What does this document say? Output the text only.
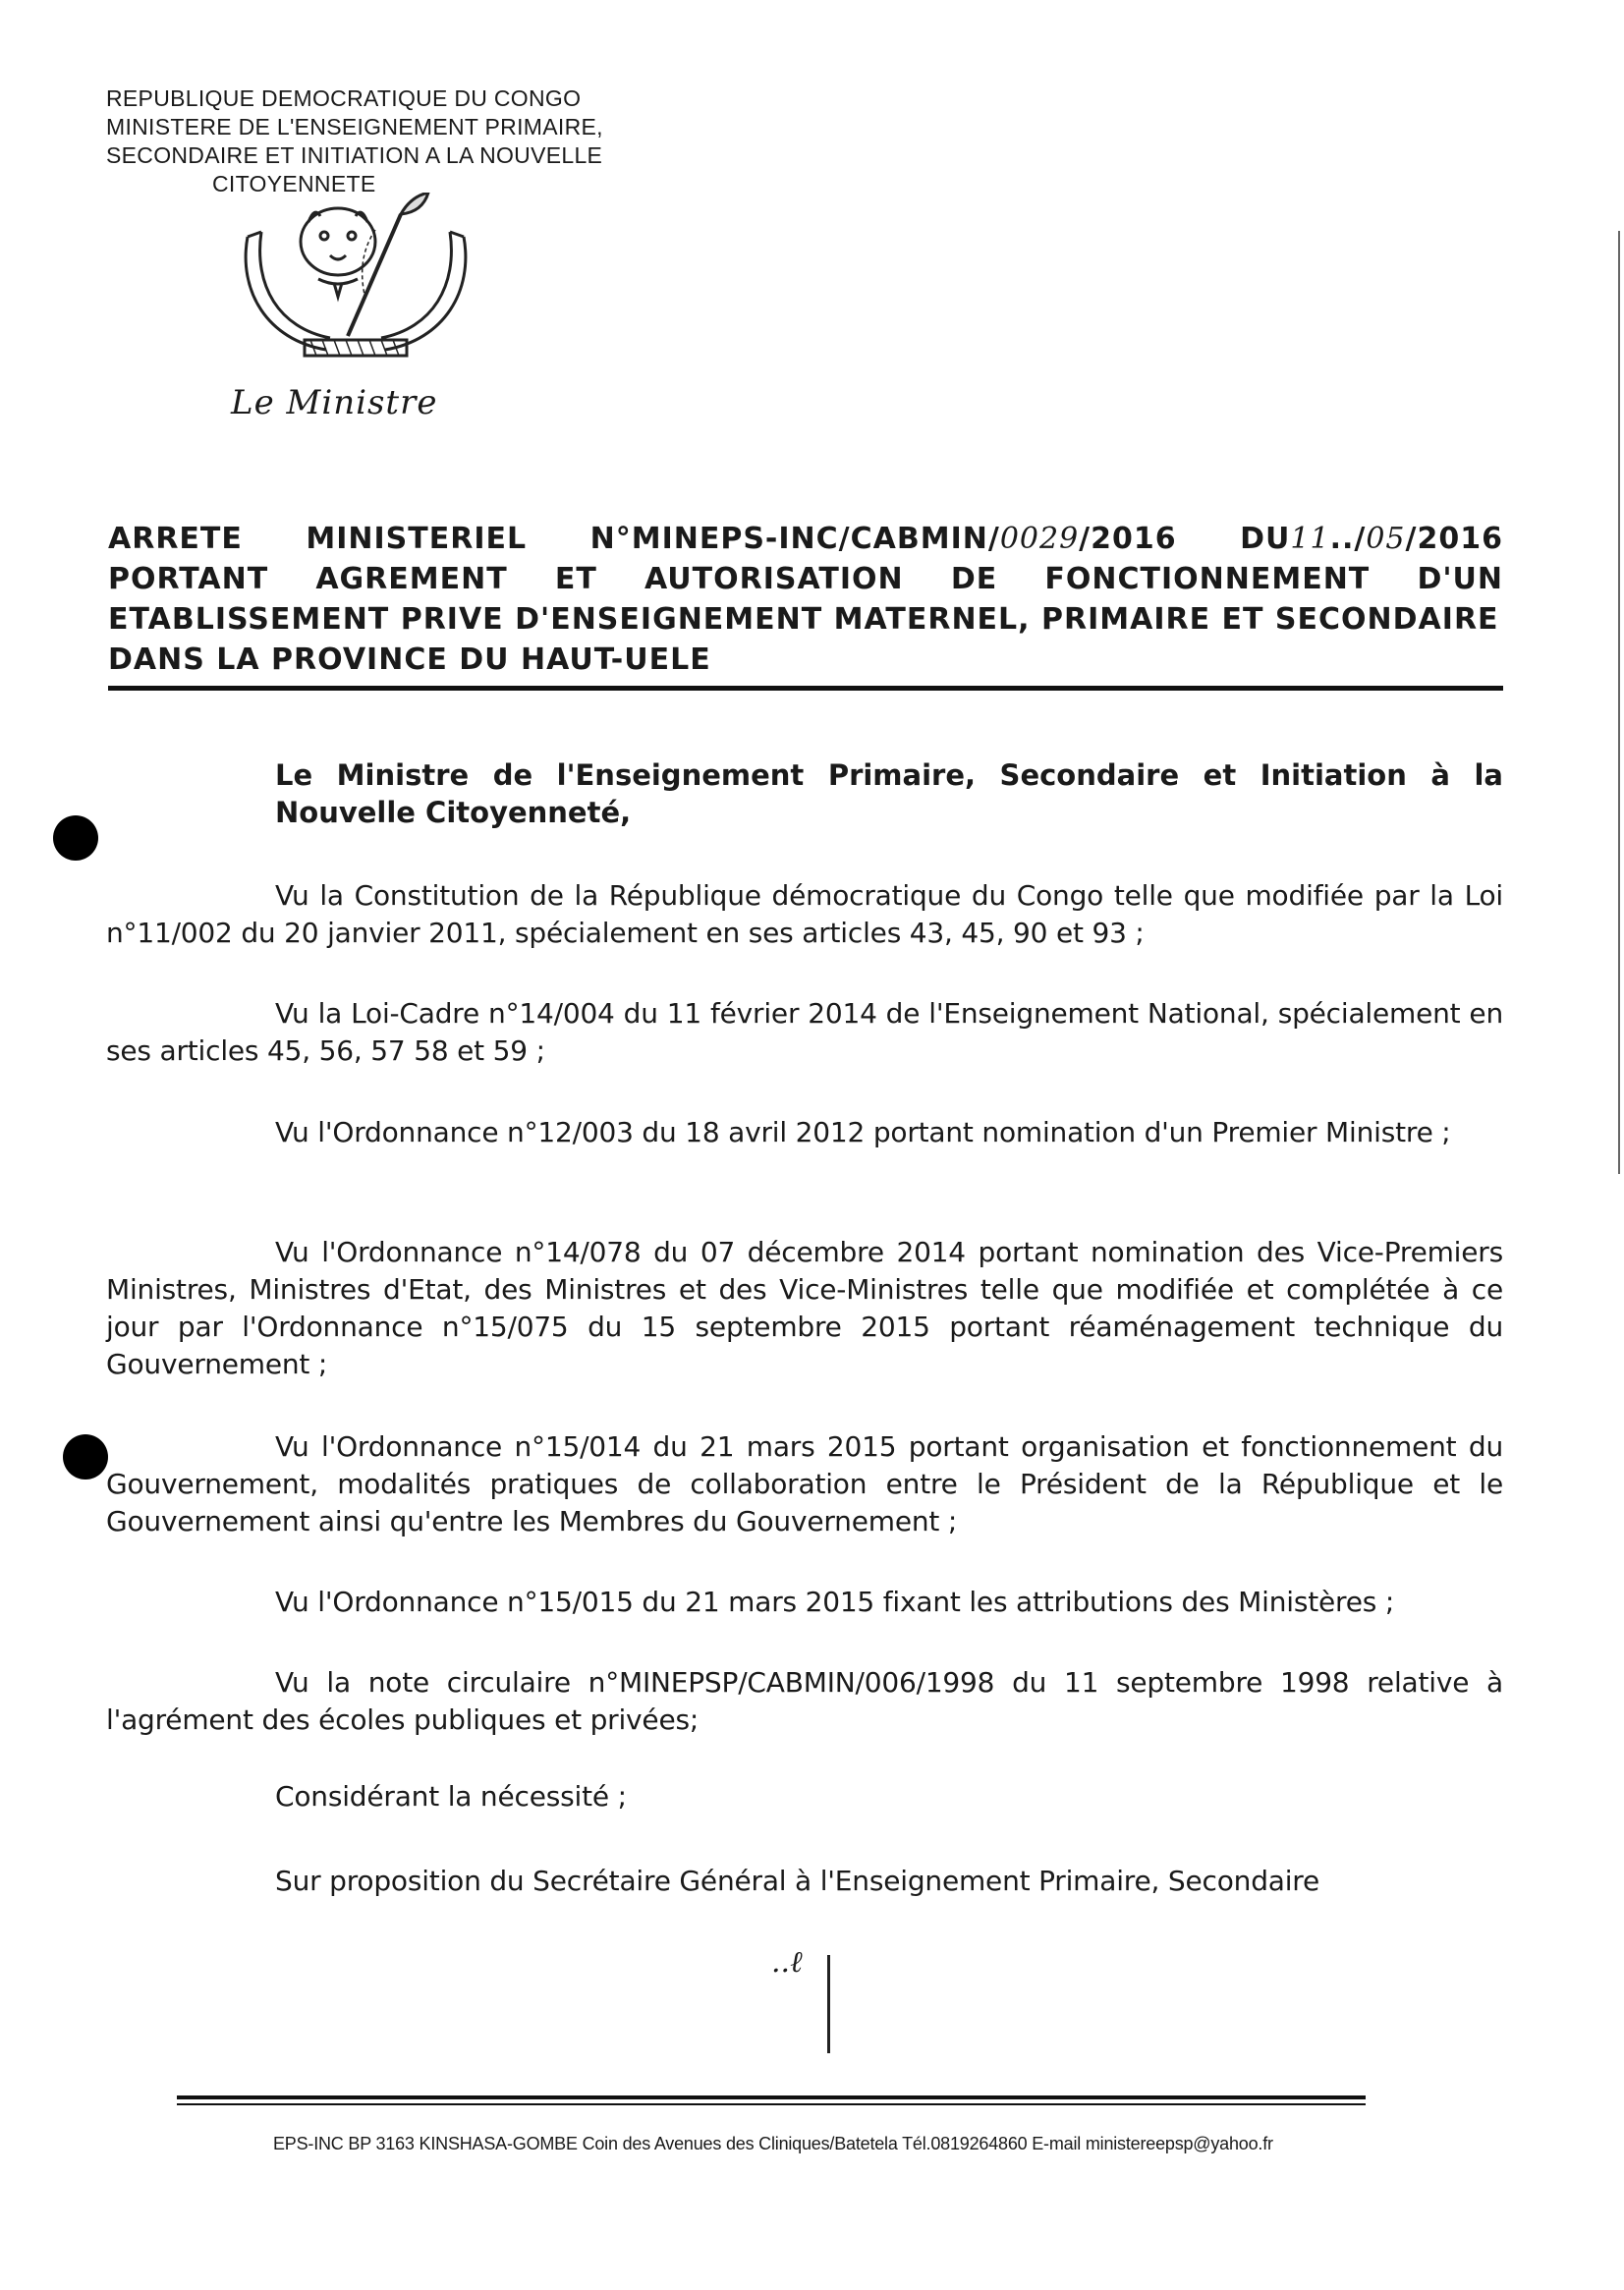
REPUBLIQUE DEMOCRATIQUE DU CONGO
MINISTERE DE L'ENSEIGNEMENT PRIMAIRE,
SECONDAIRE ET INITIATION A LA NOUVELLE
CITOYENNETE
Le Ministre
ARRETE MINISTERIEL N°MINEPS-INC/CABMIN/0029/2016 DU11../05/2016
PORTANT AGREMENT ET AUTORISATION DE FONCTIONNEMENT D'UN
ETABLISSEMENT PRIVE D'ENSEIGNEMENT MATERNEL, PRIMAIRE ET SECONDAIRE
DANS LA PROVINCE DU HAUT-UELE
Le Ministre de l'Enseignement Primaire, Secondaire et Initiation à la Nouvelle Citoyenneté,
Vu la Constitution de la République démocratique du Congo telle que modifiée par la Loi n°11/002 du 20 janvier 2011, spécialement en ses articles 43, 45, 90 et 93 ;
Vu la Loi-Cadre n°14/004 du 11 février 2014 de l'Enseignement National, spécialement en ses articles 45, 56, 57 58 et 59 ;
Vu l'Ordonnance n°12/003 du 18 avril 2012 portant nomination d'un Premier Ministre ;
Vu l'Ordonnance n°14/078 du 07 décembre 2014 portant nomination des Vice-Premiers Ministres, Ministres d'Etat, des Ministres et des Vice-Ministres telle que modifiée et complétée à ce jour par l'Ordonnance n°15/075 du 15 septembre 2015 portant réaménagement technique du Gouvernement ;
Vu l'Ordonnance n°15/014 du 21 mars 2015 portant organisation et fonctionnement du Gouvernement, modalités pratiques de collaboration entre le Président de la République et le Gouvernement ainsi qu'entre les Membres du Gouvernement ;
Vu l'Ordonnance n°15/015 du 21 mars 2015 fixant les attributions des Ministères ;
Vu la note circulaire n°MINEPSP/CABMIN/006/1998 du 11 septembre 1998 relative à l'agrément des écoles publiques et privées;
Considérant la nécessité ;
Sur proposition du Secrétaire Général à l'Enseignement Primaire, Secondaire
..ℓ
EPS-INC BP 3163 KINSHASA-GOMBE Coin des Avenues des Cliniques/Batetela Tél.0819264860 E-mail ministereepsp@yahoo.fr
